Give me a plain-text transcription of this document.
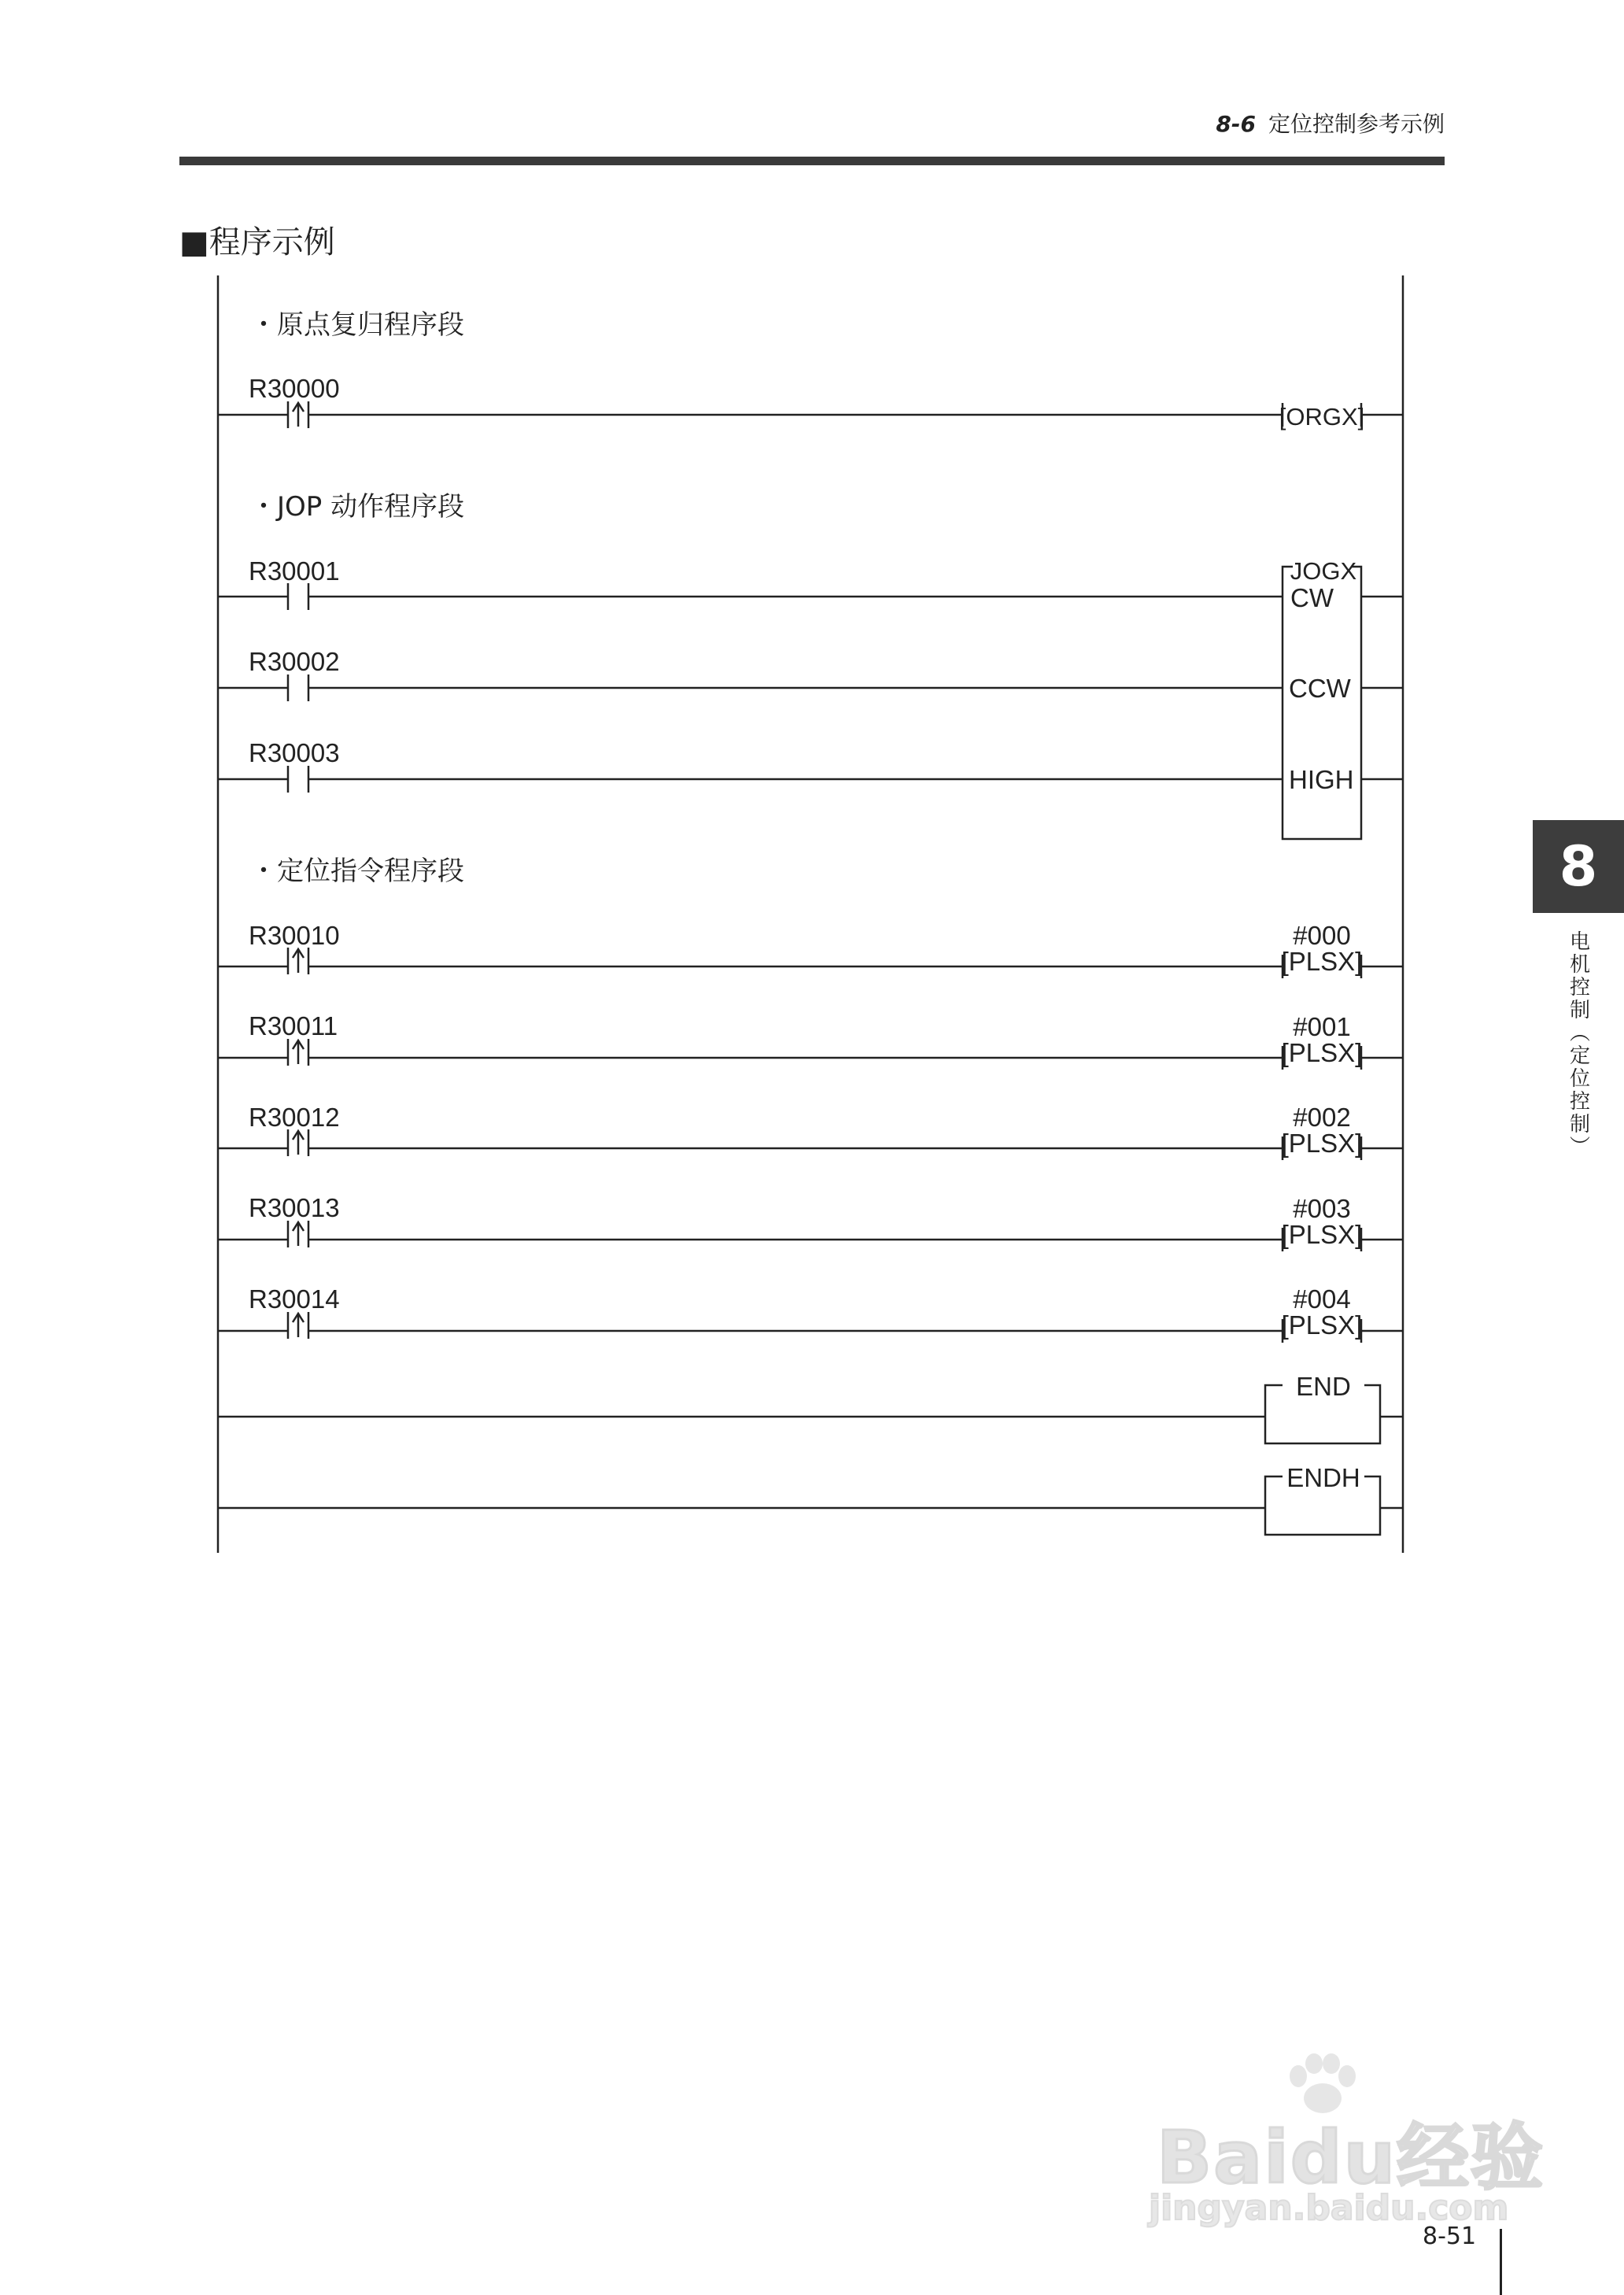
8-6 定位控制参考示例
■程序示例
・原点复归程序段
・JOP 动作程序段
・定位指令程序段
R30000
R30001
R30002
R30003
R30010
R30011
R30012
R30013
R30014
[ORGX]
JOGX
CW
CCW
HIGH
#000
[PLSX]
#001
[PLSX]
#002
[PLSX]
#003
[PLSX]
#004
[PLSX]
END
ENDH
8
电机控制（定位控制）
Baidu经验
jingyan.baidu.com
8-51
